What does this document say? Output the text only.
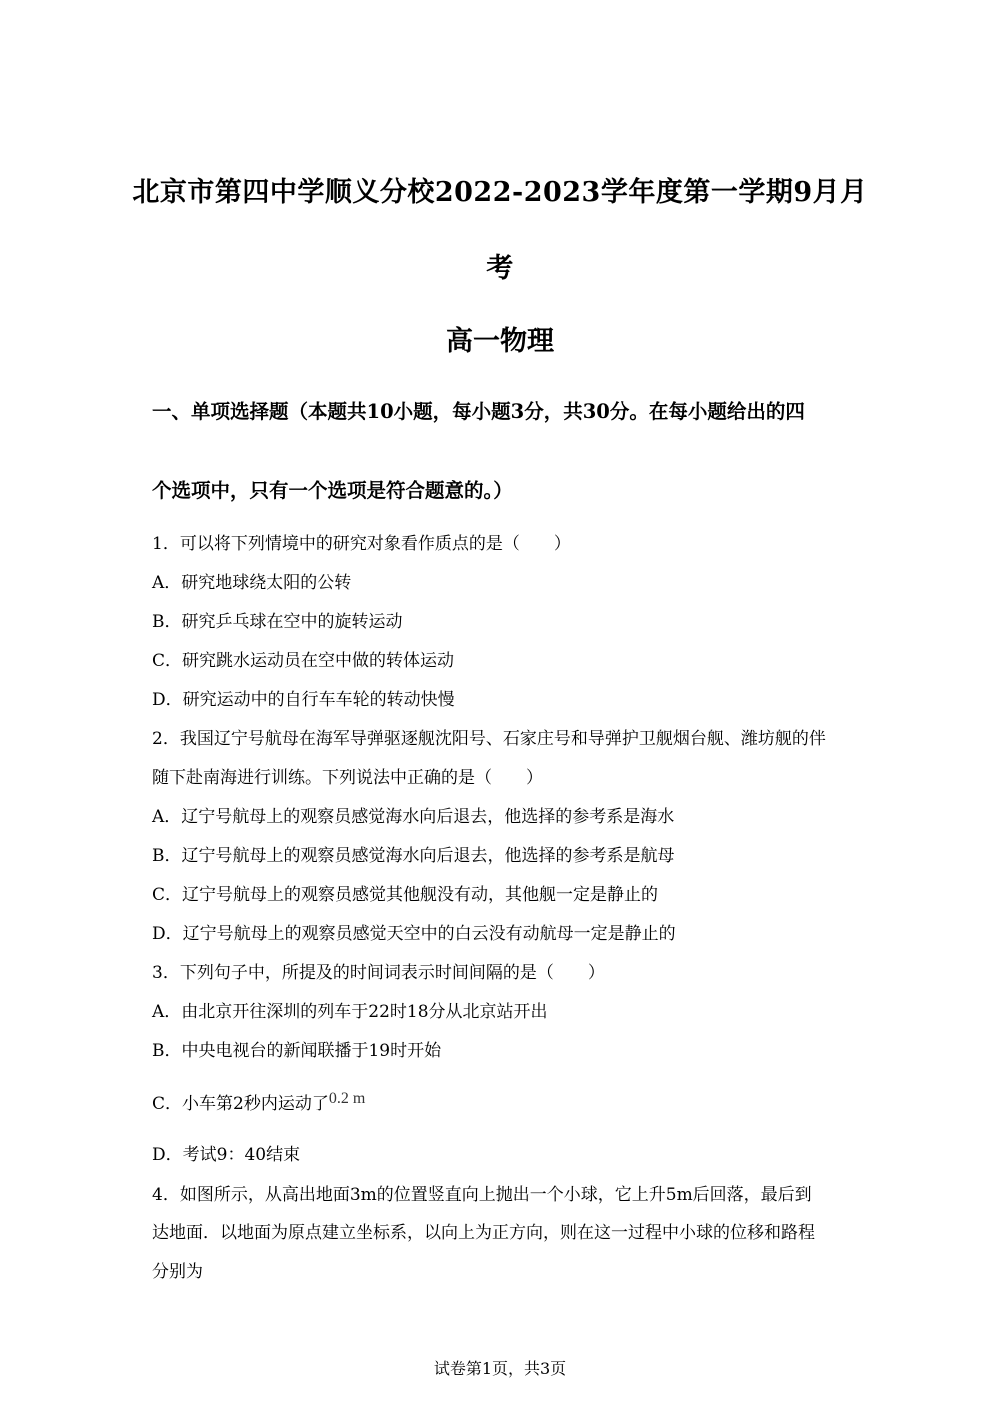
北京市第四中学顺义分校2022-2023学年度第一学期9月月
考
高一物理
一、单项选择题（本题共10小题，每小题3分，共30分。在每小题给出的四
个选项中，只有一个选项是符合题意的。）
1．可以将下列情境中的研究对象看作质点的是（　　）
A．研究地球绕太阳的公转
B．研究乒乓球在空中的旋转运动
C．研究跳水运动员在空中做的转体运动
D．研究运动中的自行车车轮的转动快慢
2．我国辽宁号航母在海军导弹驱逐舰沈阳号、石家庄号和导弹护卫舰烟台舰、潍坊舰的伴
随下赴南海进行训练。下列说法中正确的是（　　）
A．辽宁号航母上的观察员感觉海水向后退去，他选择的参考系是海水
B．辽宁号航母上的观察员感觉海水向后退去，他选择的参考系是航母
C．辽宁号航母上的观察员感觉其他舰没有动，其他舰一定是静止的
D．辽宁号航母上的观察员感觉天空中的白云没有动航母一定是静止的
3．下列句子中，所提及的时间词表示时间间隔的是（　　）
A．由北京开往深圳的列车于22时18分从北京站开出
B．中央电视台的新闻联播于19时开始
C．小车第2秒内运动了0.2 m
D．考试9：40结束
4．如图所示，从高出地面3m的位置竖直向上抛出一个小球，它上升5m后回落，最后到
达地面．以地面为原点建立坐标系，以向上为正方向，则在这一过程中小球的位移和路程
分别为
试卷第1页，共3页
